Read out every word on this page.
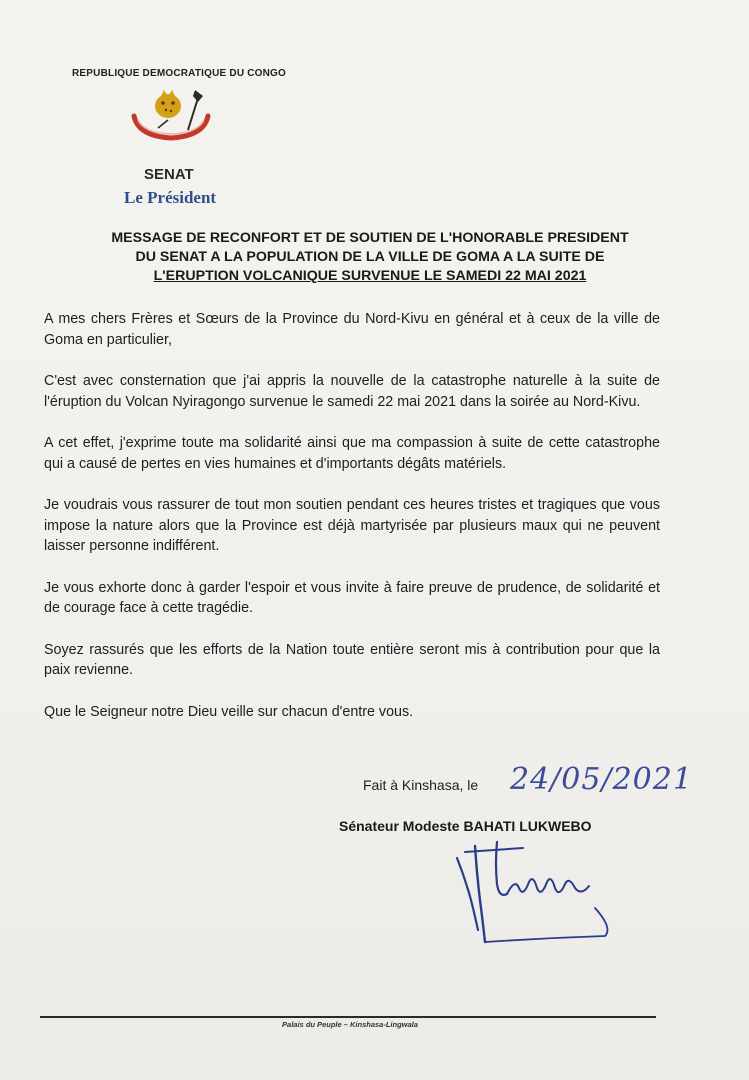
REPUBLIQUE DEMOCRATIQUE DU CONGO
SENAT
Le Président
MESSAGE DE RECONFORT ET DE SOUTIEN DE L'HONORABLE PRESIDENT
DU SENAT A LA POPULATION DE LA VILLE DE GOMA A LA SUITE DE
L'ERUPTION VOLCANIQUE SURVENUE LE SAMEDI 22 MAI 2021

A mes chers Frères et Sœurs de la Province du Nord-Kivu en général et à ceux de la ville de Goma en particulier,

C'est avec consternation que j'ai appris la nouvelle de la catastrophe naturelle à la suite de l'éruption du Volcan Nyiragongo survenue le samedi 22 mai 2021 dans la soirée au Nord-Kivu.

A cet effet, j'exprime toute ma solidarité ainsi que ma compassion à suite de cette catastrophe qui a causé de pertes en vies humaines et d'importants dégâts matériels.

Je voudrais vous rassurer de tout mon soutien pendant ces heures tristes et tragiques que vous impose la nature alors que la Province est déjà martyrisée par plusieurs maux qui ne peuvent laisser personne indifférent.

Je vous exhorte donc à garder l'espoir et vous invite à faire preuve de prudence, de solidarité et de courage face à cette tragédie.

Soyez rassurés que les efforts de la Nation toute entière seront mis à contribution pour que la paix revienne.

Que le Seigneur notre Dieu veille sur chacun d'entre vous.

Fait à Kinshasa, le 24/05/2021
Sénateur Modeste BAHATI LUKWEBO
Palais du Peuple – Kinshasa-Lingwala
